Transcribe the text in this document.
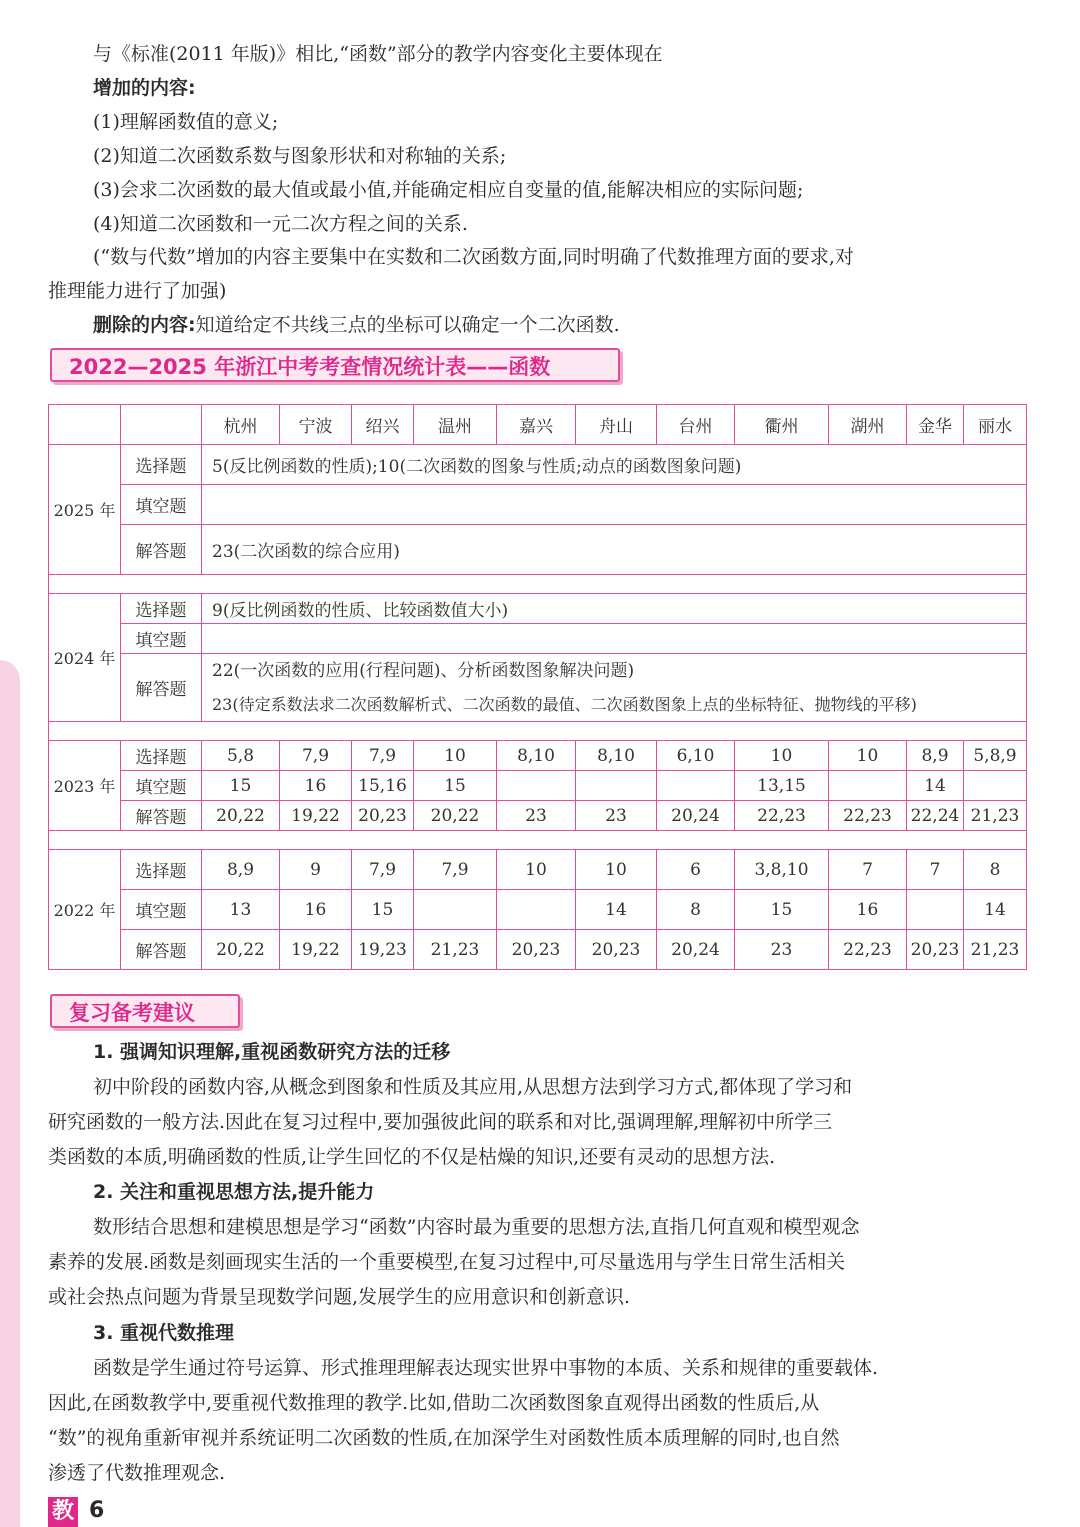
与《标准(2011 年版)》相比,“函数”部分的教学内容变化主要体现在

增加的内容:

(1)理解函数值的意义;

(2)知道二次函数系数与图象形状和对称轴的关系;

(3)会求二次函数的最大值或最小值,并能确定相应自变量的值,能解决相应的实际问题;

(4)知道二次函数和一元二次方程之间的关系.

(“数与代数”增加的内容主要集中在实数和二次函数方面,同时明确了代数推理方面的要求,对

推理能力进行了加强)

删除的内容:知道给定不共线三点的坐标可以确定一个二次函数.

2022—2025 年浙江中考考查情况统计表——函数
		杭州	宁波	绍兴	温州	嘉兴	舟山	台州	衢州	湖州	金华	丽水
2025 年	选择题	5(反比例函数的性质);10(二次函数的图象与性质;动点的函数图象问题)										
	填空题											
	解答题	23(二次函数的综合应用)										

2024 年	选择题	9(反比例函数的性质、比较函数值大小)										
	填空题											
	解答题	22(一次函数的应用(行程问题)、分析函数图象解决问题)
23(待定系数法求二次函数解析式、二次函数的最值、二次函数图象上点的坐标特征、抛物线的平移)										

2023 年	选择题	5,8	7,9	7,9	10	8,10	8,10	6,10	10	10	8,9	5,8,9
	填空题	15	16	15,16	15				13,15		14	
	解答题	20,22	19,22	20,23	20,22	23	23	20,24	22,23	22,23	22,24	21,23

2022 年	选择题	8,9	9	7,9	7,9	10	10	6	3,8,10	7	7	8
	填空题	13	16	15			14	8	15	16		14
	解答题	20,22	19,22	19,23	21,23	20,23	20,23	20,24	23	22,23	20,23	21,23
复习备考建议

1. 强调知识理解,重视函数研究方法的迁移

初中阶段的函数内容,从概念到图象和性质及其应用,从思想方法到学习方式,都体现了学习和

研究函数的一般方法.因此在复习过程中,要加强彼此间的联系和对比,强调理解,理解初中所学三

类函数的本质,明确函数的性质,让学生回忆的不仅是枯燥的知识,还要有灵动的思想方法.

2. 关注和重视思想方法,提升能力

数形结合思想和建模思想是学习“函数”内容时最为重要的思想方法,直指几何直观和模型观念

素养的发展.函数是刻画现实生活的一个重要模型,在复习过程中,可尽量选用与学生日常生活相关

或社会热点问题为背景呈现数学问题,发展学生的应用意识和创新意识.

3. 重视代数推理

函数是学生通过符号运算、形式推理理解表达现实世界中事物的本质、关系和规律的重要载体.

因此,在函数教学中,要重视代数推理的教学.比如,借助二次函数图象直观得出函数的性质后,从

“数”的视角重新审视并系统证明二次函数的性质,在加深学生对函数性质本质理解的同时,也自然

渗透了代数推理观念.

教 6
